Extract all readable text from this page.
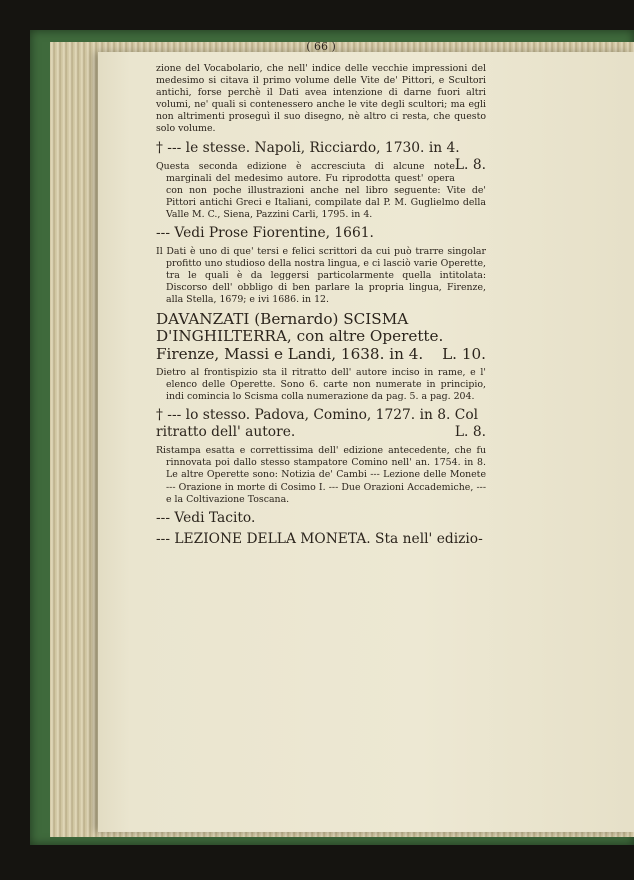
( 66 )

zione del Vocabolario, che nell' indice delle vecchie impressioni del medesimo si citava il primo volume delle Vite de' Pittori, e Scultori antichi, forse perchè il Dati avea intenzione di darne fuori altri volumi, ne' quali si contenessero anche le vite degli scultori; ma egli non altrimenti proseguì il suo disegno, nè altro ci resta, che questo solo volume.

† --- le stesse. Napoli, Ricciardo, 1730. in 4.
L. 8.

Questa seconda edizione è accresciuta di alcune note marginali del medesimo autore. Fu riprodotta quest' opera con non poche illustrazioni anche nel libro seguente: Vite de' Pittori antichi Greci e Italiani, compilate dal P. M. Guglielmo della Valle M. C., Siena, Pazzini Carli, 1795. in 4.

--- Vedi Prose Fiorentine, 1661.

Il Dati è uno di que' tersi e felici scrittori da cui può trarre singolar profitto uno studioso della nostra lingua, e ci lasciò varie Operette, tra le quali è da leggersi particolarmente quella intitolata: Discorso dell' obbligo di ben parlare la propria lingua, Firenze, alla Stella, 1679; e ivi 1686. in 12.

DAVANZATI (Bernardo) SCISMA D'INGHILTERRA, con altre Operette. Firenze, Massi e Landi, 1638. in 4. L. 10.

Dietro al frontispizio sta il ritratto dell' autore inciso in rame, e l' elenco delle Operette. Sono 6. carte non numerate in principio, indi comincia lo Scisma colla numerazione da pag. 5. a pag. 204.

† --- lo stesso. Padova, Comino, 1727. in 8. Col ritratto dell' autore.	L. 8.

Ristampa esatta e correttissima dell' edizione antecedente, che fu rinnovata poi dallo stesso stampatore Comino nell' an. 1754. in 8. Le altre Operette sono: Notizia de' Cambi --- Lezione delle Monete --- Orazione in morte di Cosimo I. --- Due Orazioni Accademiche, --- e la Coltivazione Toscana.

--- Vedi Tacito.
--- LEZIONE DELLA MONETA. Sta nell' edizio-
